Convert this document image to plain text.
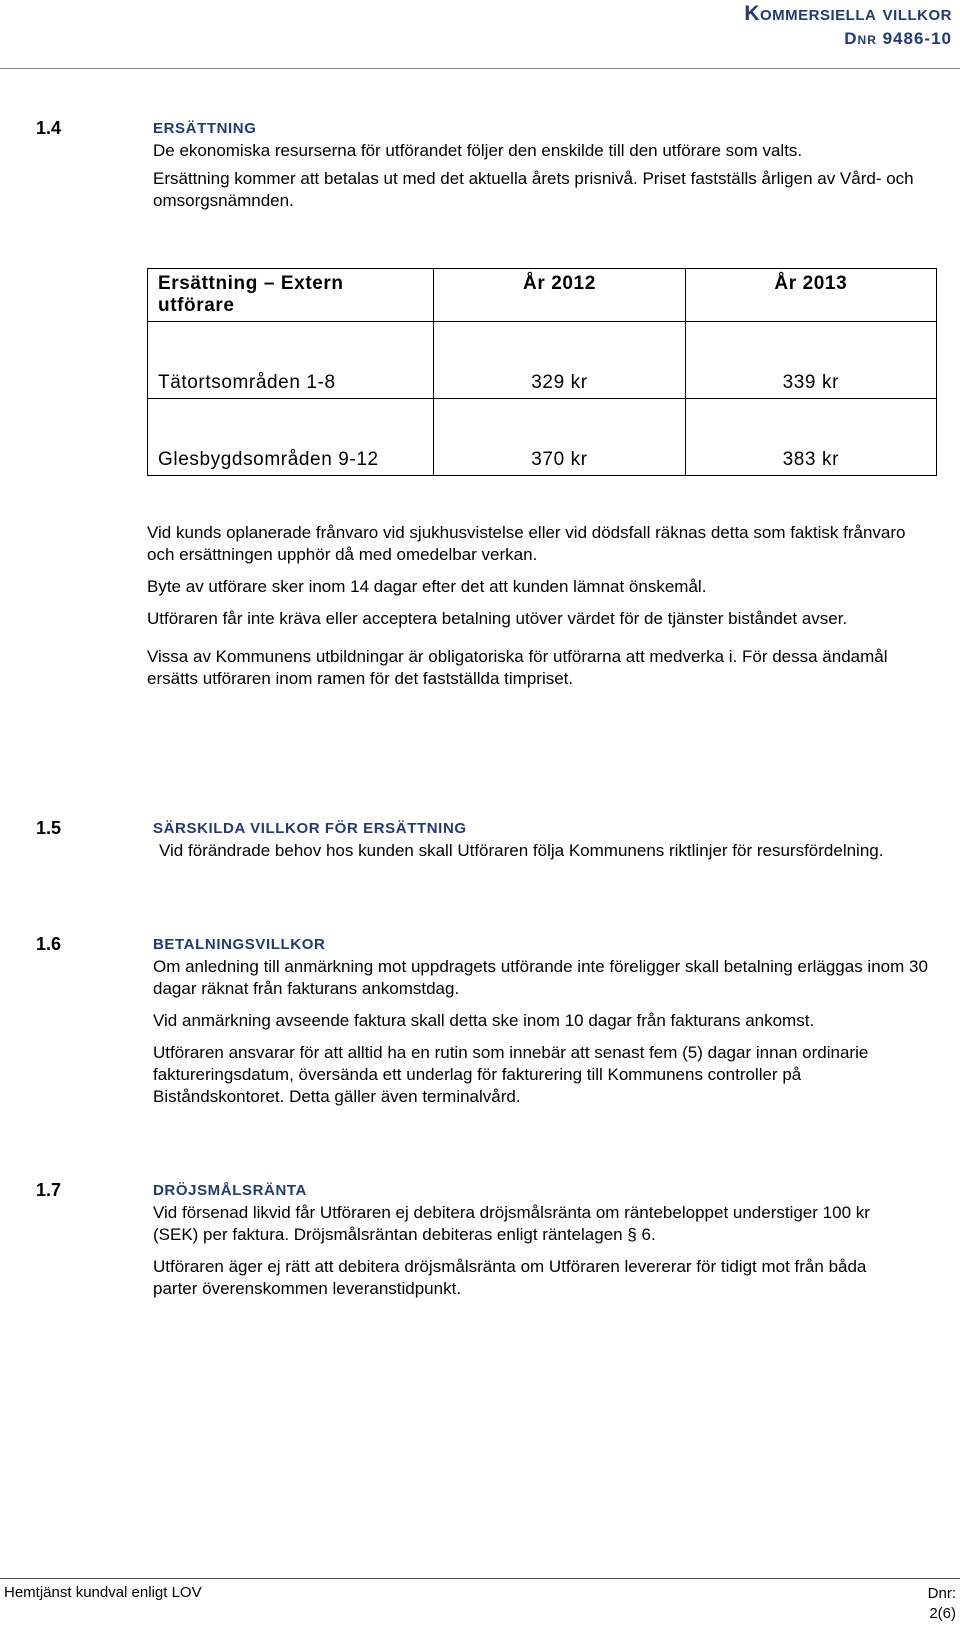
Kommersiella villkor
Dnr 9486-10
1.4	ERSÄTTNING

De ekonomiska resurserna för utförandet följer den enskilde till den utförare som valts.

Ersättning kommer att betalas ut med det aktuella årets prisnivå. Priset fastställs årligen av Vård- och omsorgsnämnden.

Ersättning – Extern utförare	År 2012	År 2013
Tätortsområden 1-8	329 kr	339 kr
Glesbygdsområden 9-12	370 kr	383 kr

Vid kunds oplanerade frånvaro vid sjukhusvistelse eller vid dödsfall räknas detta som faktisk frånvaro och ersättningen upphör då med omedelbar verkan.

Byte av utförare sker inom 14 dagar efter det att kunden lämnat önskemål.

Utföraren får inte kräva eller acceptera betalning utöver värdet för de tjänster biståndet avser.

Vissa av Kommunens utbildningar är obligatoriska för utförarna att medverka i. För dessa ändamål ersätts utföraren inom ramen för det fastställda timpriset.

1.5	SÄRSKILDA VILLKOR FÖR ERSÄTTNING

Vid förändrade behov hos kunden skall Utföraren följa Kommunens riktlinjer för resursfördelning.

1.6	BETALNINGSVILLKOR

Om anledning till anmärkning mot uppdragets utförande inte föreligger skall betalning erläggas inom 30 dagar räknat från fakturans ankomstdag.

Vid anmärkning avseende faktura skall detta ske inom 10 dagar från fakturans ankomst.

Utföraren ansvarar för att alltid ha en rutin som innebär att senast fem (5) dagar innan ordinarie faktureringsdatum, översända ett underlag för fakturering till Kommunens controller på Biståndskontoret. Detta gäller även terminalvård.

1.7	DRÖJSMÅLSRÄNTA

Vid försenad likvid får Utföraren ej debitera dröjsmålsränta om räntebeloppet understiger 100 kr (SEK) per faktura. Dröjsmålsräntan debiteras enligt räntelagen § 6.

Utföraren äger ej rätt att debitera dröjsmålsränta om Utföraren levererar för tidigt mot från båda parter överenskommen leveranstidpunkt.

Hemtjänst kundval enligt LOV	Dnr:
2(6)
